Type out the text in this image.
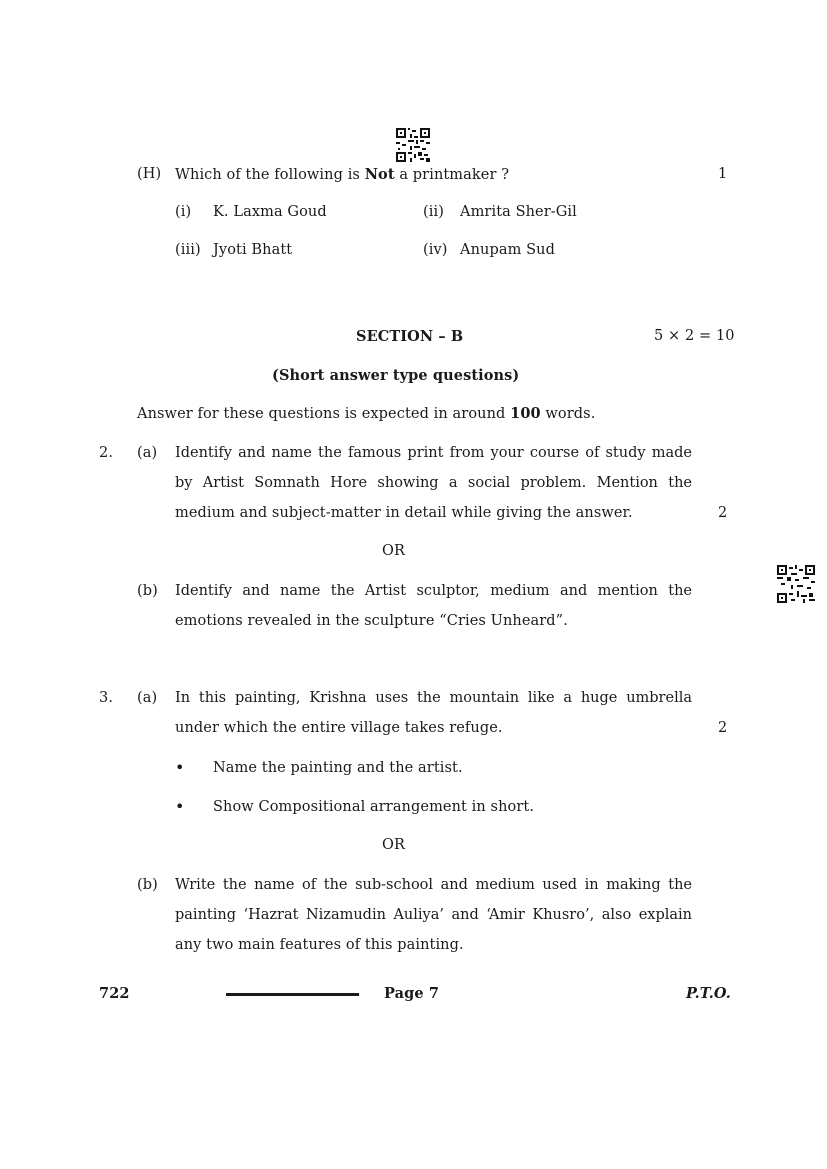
(H) Which of the following is Not a printmaker ?	1
(i) K. Laxma Goud	(ii) Amrita Sher-Gil
(iii) Jyoti Bhatt	(iv) Anupam Sud
SECTION – B	5 × 2 = 10
(Short answer type questions)
Answer for these questions is expected in around 100 words.
2. (a) Identify and name the famous print from your course of study made
by Artist Somnath Hore showing a social problem. Mention the
medium and subject-matter in detail while giving the answer.	2
OR
(b) Identify and name the Artist sculptor, medium and mention the
emotions revealed in the sculpture “Cries Unheard”.
3. (a) In this painting, Krishna uses the mountain like a huge umbrella
under which the entire village takes refuge.	2
• Name the painting and the artist.
• Show Compositional arrangement in short.
OR
(b) Write the name of the sub-school and medium used in making the
painting ‘Hazrat Nizamudin Auliya’ and ‘Amir Khusro’, also explain
any two main features of this painting.
722	Page 7	P.T.O.
